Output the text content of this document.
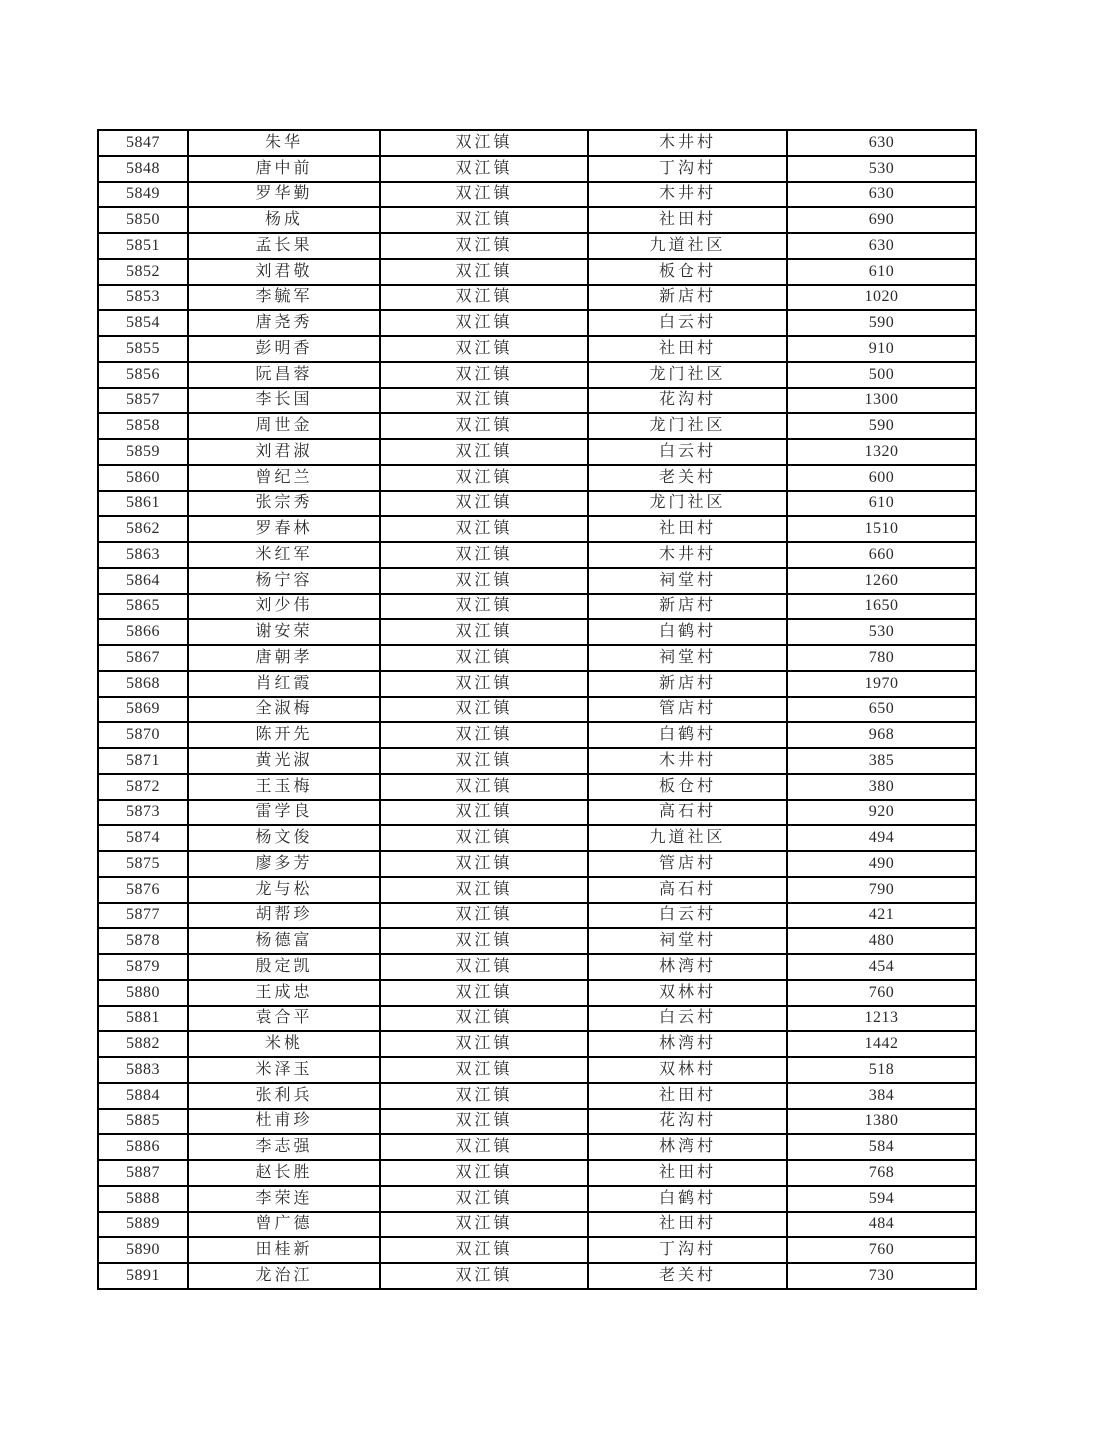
5847	朱华	双江镇	木井村	630
5848	唐中前	双江镇	丁沟村	530
5849	罗华勤	双江镇	木井村	630
5850	杨成	双江镇	社田村	690
5851	孟长果	双江镇	九道社区	630
5852	刘君敬	双江镇	板仓村	610
5853	李毓军	双江镇	新店村	1020
5854	唐尧秀	双江镇	白云村	590
5855	彭明香	双江镇	社田村	910
5856	阮昌蓉	双江镇	龙门社区	500
5857	李长国	双江镇	花沟村	1300
5858	周世金	双江镇	龙门社区	590
5859	刘君淑	双江镇	白云村	1320
5860	曾纪兰	双江镇	老关村	600
5861	张宗秀	双江镇	龙门社区	610
5862	罗春林	双江镇	社田村	1510
5863	米红军	双江镇	木井村	660
5864	杨宁容	双江镇	祠堂村	1260
5865	刘少伟	双江镇	新店村	1650
5866	谢安荣	双江镇	白鹤村	530
5867	唐朝孝	双江镇	祠堂村	780
5868	肖红霞	双江镇	新店村	1970
5869	全淑梅	双江镇	管店村	650
5870	陈开先	双江镇	白鹤村	968
5871	黄光淑	双江镇	木井村	385
5872	王玉梅	双江镇	板仓村	380
5873	雷学良	双江镇	高石村	920
5874	杨文俊	双江镇	九道社区	494
5875	廖多芳	双江镇	管店村	490
5876	龙与松	双江镇	高石村	790
5877	胡帮珍	双江镇	白云村	421
5878	杨德富	双江镇	祠堂村	480
5879	殷定凯	双江镇	林湾村	454
5880	王成忠	双江镇	双林村	760
5881	袁合平	双江镇	白云村	1213
5882	米桃	双江镇	林湾村	1442
5883	米泽玉	双江镇	双林村	518
5884	张利兵	双江镇	社田村	384
5885	杜甫珍	双江镇	花沟村	1380
5886	李志强	双江镇	林湾村	584
5887	赵长胜	双江镇	社田村	768
5888	李荣连	双江镇	白鹤村	594
5889	曾广德	双江镇	社田村	484
5890	田桂新	双江镇	丁沟村	760
5891	龙治江	双江镇	老关村	730
